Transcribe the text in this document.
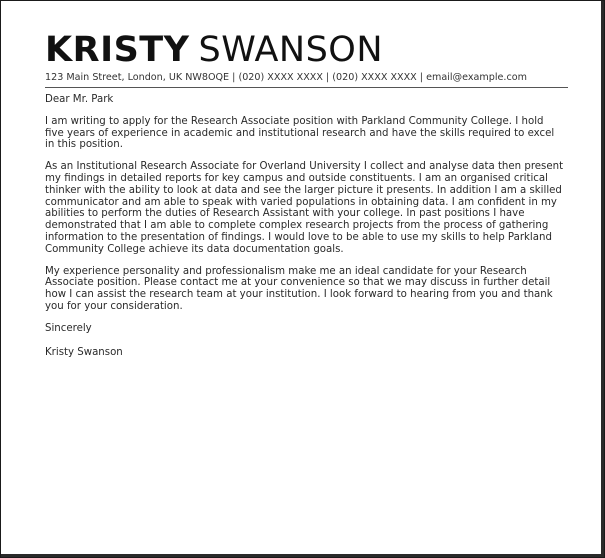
KRISTY SWANSON
123 Main Street, London, UK NW8OQE | (020) XXXX XXXX | (020) XXXX XXXX | email@example.com

Dear Mr. Park

I am writing to apply for the Research Associate position with Parkland Community College. I hold five years of experience in academic and institutional research and have the skills required to excel in this position.

As an Institutional Research Associate for Overland University I collect and analyse data then present my findings in detailed reports for key campus and outside constituents. I am an organised critical thinker with the ability to look at data and see the larger picture it presents. In addition I am a skilled communicator and am able to speak with varied populations in obtaining data. I am confident in my abilities to perform the duties of Research Assistant with your college. In past positions I have demonstrated that I am able to complete complex research projects from the process of gathering information to the presentation of findings. I would love to be able to use my skills to help Parkland Community College achieve its data documentation goals.

My experience personality and professionalism make me an ideal candidate for your Research Associate position. Please contact me at your convenience so that we may discuss in further detail how I can assist the research team at your institution. I look forward to hearing from you and thank you for your consideration.

Sincerely

Kristy Swanson
